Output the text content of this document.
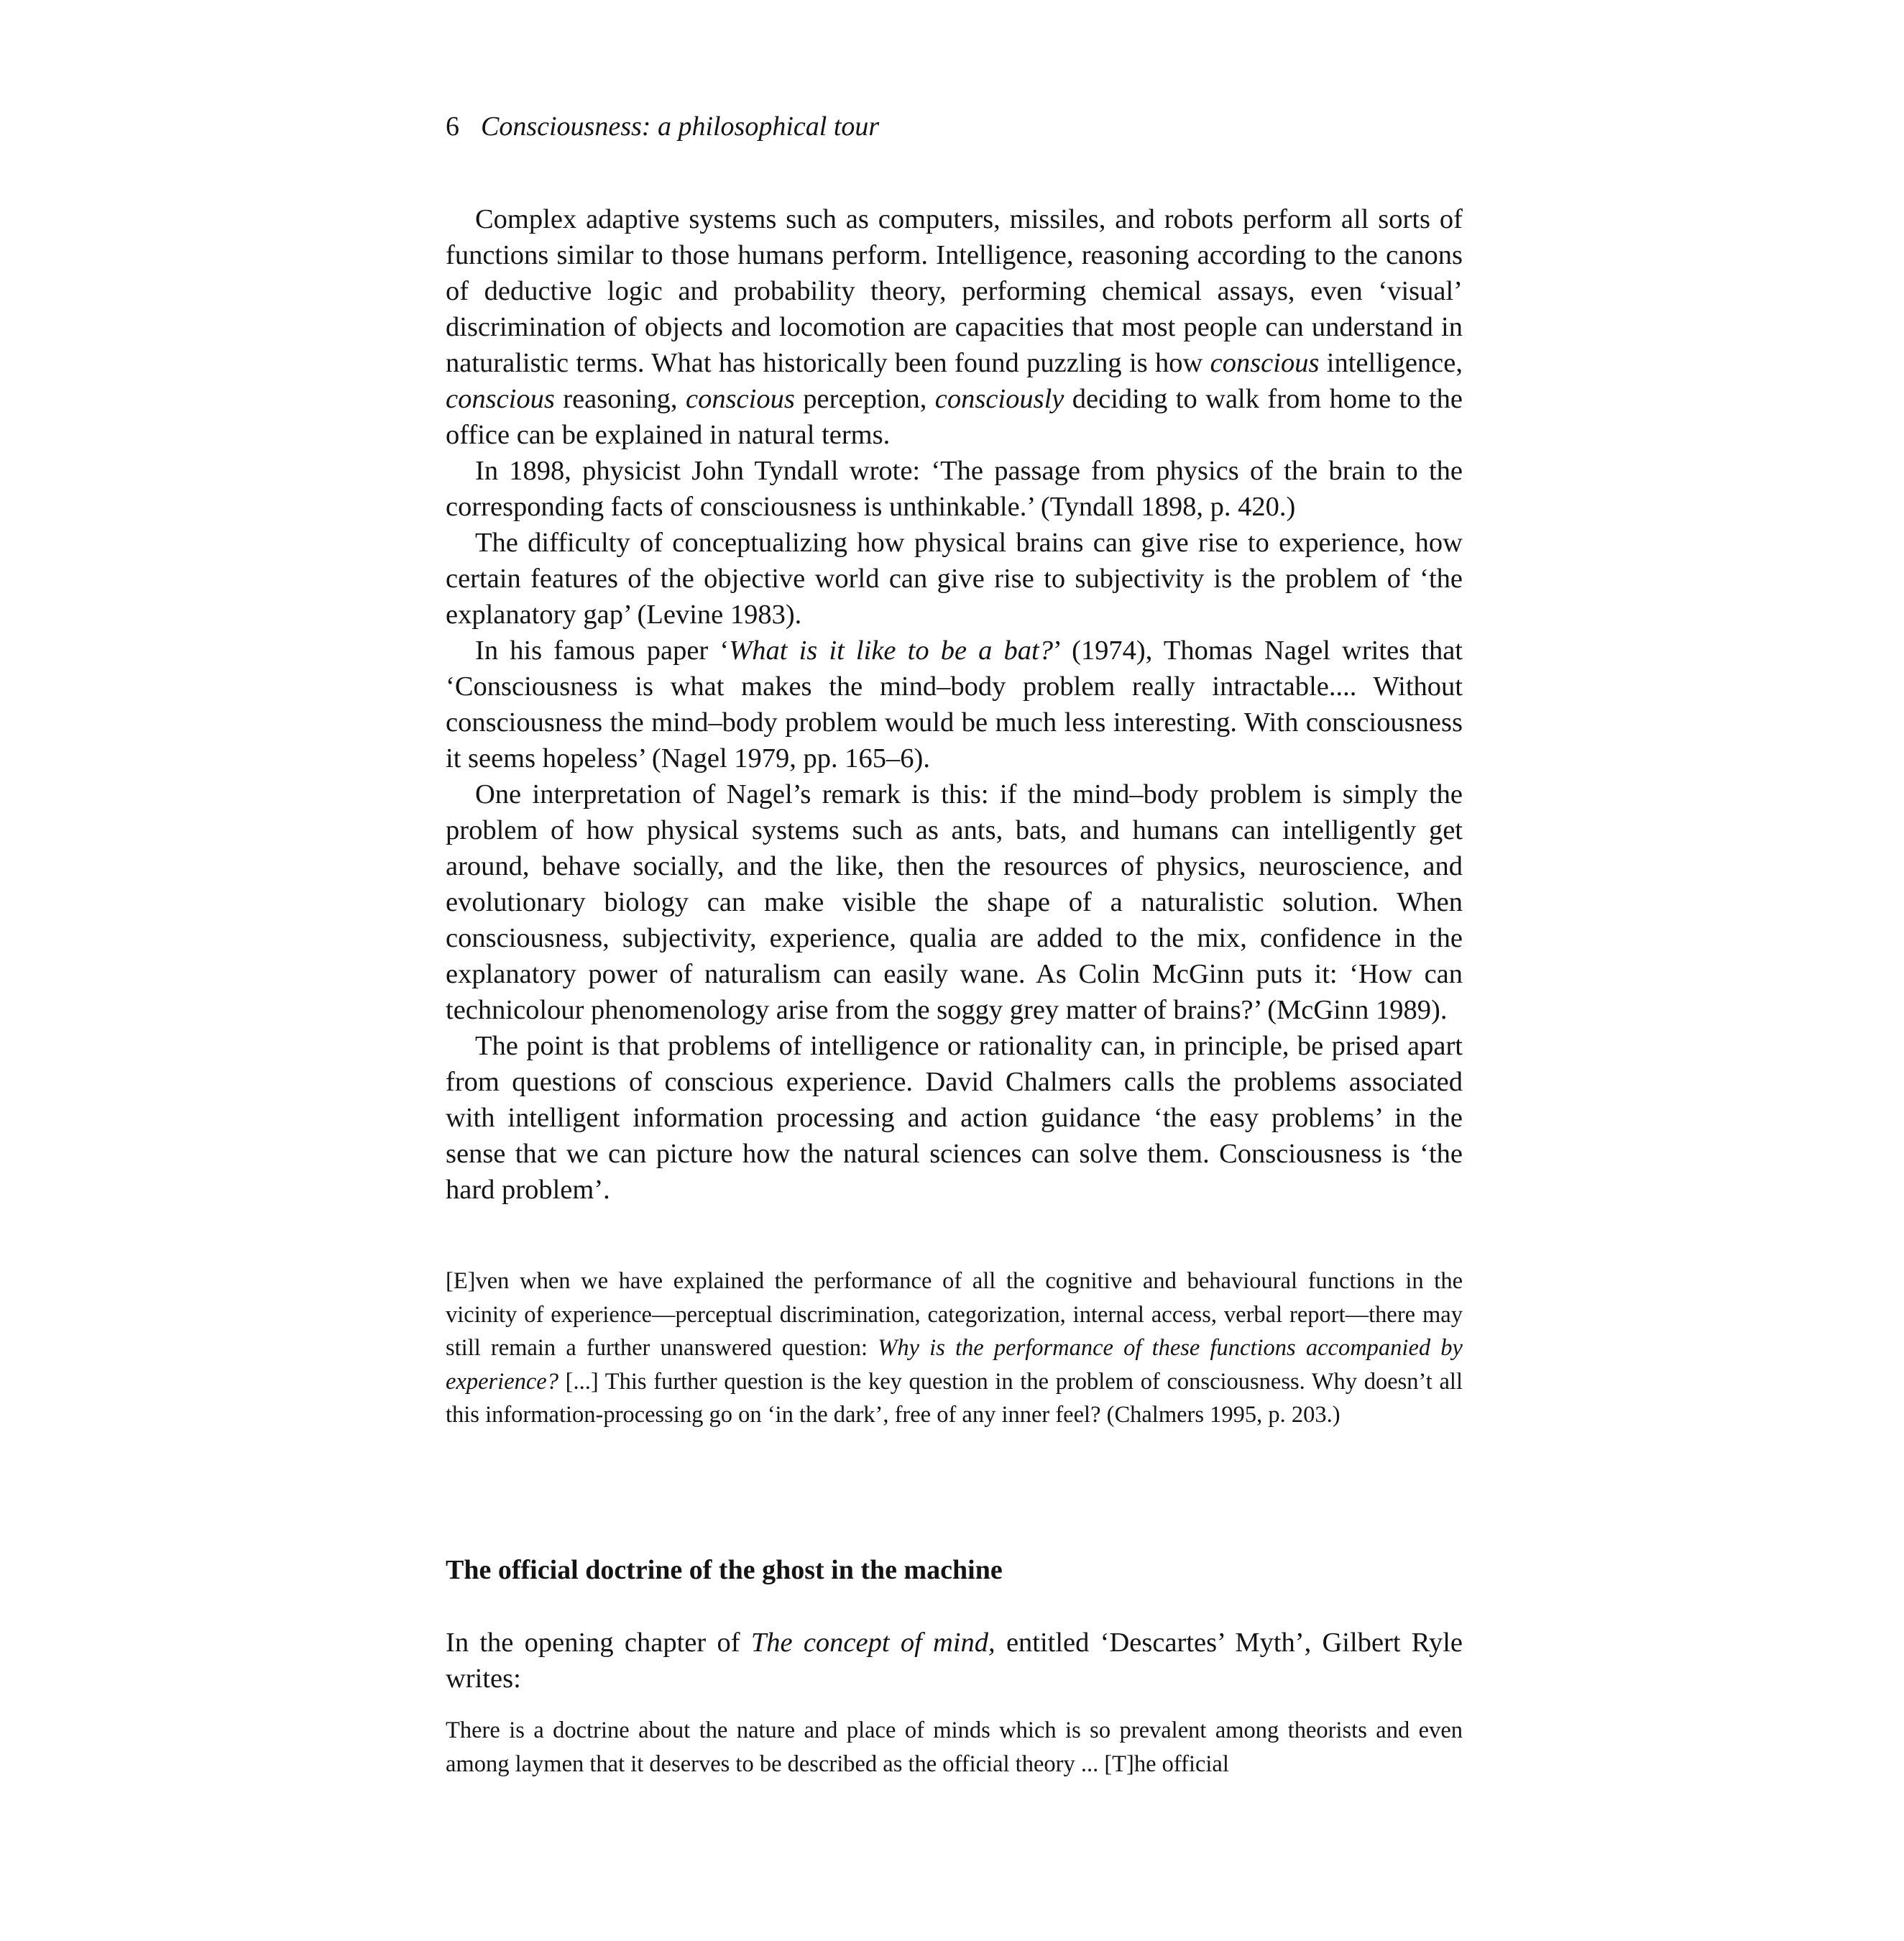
6 Consciousness: a philosophical tour

Complex adaptive systems such as computers, missiles, and robots perform all sorts of functions similar to those humans perform. Intelligence, reasoning according to the canons of deductive logic and probability theory, performing chemical assays, even ‘visual’ discrimination of objects and locomotion are capacities that most people can understand in naturalistic terms. What has historically been found puzzling is how conscious intelligence, conscious reasoning, conscious perception, consciously deciding to walk from home to the office can be explained in natural terms.

In 1898, physicist John Tyndall wrote: ‘The passage from physics of the brain to the corresponding facts of consciousness is unthinkable.’ (Tyndall 1898, p. 420.)

The difficulty of conceptualizing how physical brains can give rise to experience, how certain features of the objective world can give rise to subjectivity is the problem of ‘the explanatory gap’ (Levine 1983).

In his famous paper ‘What is it like to be a bat?’ (1974), Thomas Nagel writes that ‘Consciousness is what makes the mind–body problem really intractable.... Without consciousness the mind–body problem would be much less interesting. With consciousness it seems hopeless’ (Nagel 1979, pp. 165–6).

One interpretation of Nagel’s remark is this: if the mind–body problem is simply the problem of how physical systems such as ants, bats, and humans can intelligently get around, behave socially, and the like, then the resources of physics, neuroscience, and evolutionary biology can make visible the shape of a naturalistic solution. When consciousness, subjectivity, experience, qualia are added to the mix, confidence in the explanatory power of naturalism can easily wane. As Colin McGinn puts it: ‘How can technicolour phenomenology arise from the soggy grey matter of brains?’ (McGinn 1989).

The point is that problems of intelligence or rationality can, in principle, be prised apart from questions of conscious experience. David Chalmers calls the problems associated with intelligent information processing and action guidance ‘the easy problems’ in the sense that we can picture how the natural sciences can solve them. Consciousness is ‘the hard problem’.

[E]ven when we have explained the performance of all the cognitive and behavioural functions in the vicinity of experience—perceptual discrimination, categorization, internal access, verbal report—there may still remain a further unanswered question: Why is the performance of these functions accompanied by experience? [...] This further question is the key question in the problem of consciousness. Why doesn’t all this information-processing go on ‘in the dark’, free of any inner feel? (Chalmers 1995, p. 203.)

The official doctrine of the ghost in the machine

In the opening chapter of The concept of mind, entitled ‘Descartes’ Myth’, Gilbert Ryle writes:

There is a doctrine about the nature and place of minds which is so prevalent among theorists and even among laymen that it deserves to be described as the official theory ... [T]he official
